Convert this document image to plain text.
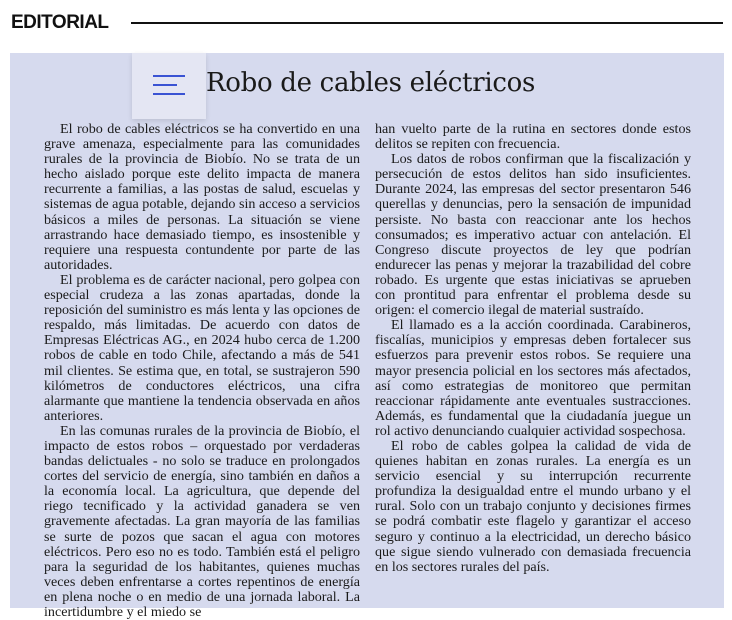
EDITORIAL
Robo de cables eléctricos

El robo de cables eléctricos se ha convertido en una grave amenaza, especialmente para las comunidades rurales de la provincia de Biobío. No se trata de un hecho aislado porque este delito impacta de manera recurrente a familias, a las postas de salud, escuelas y sistemas de agua potable, dejando sin acceso a servicios básicos a miles de personas. La situación se viene arrastrando hace demasiado tiempo, es insostenible y requiere una respuesta contundente por parte de las autoridades.

El problema es de carácter nacional, pero golpea con especial crudeza a las zonas apartadas, donde la reposición del suministro es más lenta y las opciones de respaldo, más limitadas. De acuerdo con datos de Empresas Eléctricas AG., en 2024 hubo cerca de 1.200 robos de cable en todo Chile, afectando a más de 541 mil clientes. Se estima que, en total, se sustrajeron 590 kilómetros de conductores eléctricos, una cifra alarmante que mantiene la tendencia observada en años anteriores.

En las comunas rurales de la provincia de Biobío, el impacto de estos robos – orquestado por verdaderas bandas delictuales - no solo se traduce en prolongados cortes del servicio de energía, sino también en daños a la economía local. La agricultura, que depende del riego tecnificado y la actividad ganadera se ven gravemente afectadas. La gran mayoría de las familias se surte de pozos que sacan el agua con motores eléctricos. Pero eso no es todo. También está el peligro para la seguridad de los habitantes, quienes muchas veces deben enfrentarse a cortes repentinos de energía en plena noche o en medio de una jornada laboral. La incertidumbre y el miedo se

han vuelto parte de la rutina en sectores donde estos delitos se repiten con frecuencia.

Los datos de robos confirman que la fiscalización y persecución de estos delitos han sido insuficientes. Durante 2024, las empresas del sector presentaron 546 querellas y denuncias, pero la sensación de impunidad persiste. No basta con reaccionar ante los hechos consumados; es imperativo actuar con antelación. El Congreso discute proyectos de ley que podrían endurecer las penas y mejorar la trazabilidad del cobre robado. Es urgente que estas iniciativas se aprueben con prontitud para enfrentar el problema desde su origen: el comercio ilegal de material sustraído.

El llamado es a la acción coordinada. Carabineros, fiscalías, municipios y empresas deben fortalecer sus esfuerzos para prevenir estos robos. Se requiere una mayor presencia policial en los sectores más afectados, así como estrategias de monitoreo que permitan reaccionar rápidamente ante eventuales sustracciones. Además, es fundamental que la ciudadanía juegue un rol activo denunciando cualquier actividad sospechosa.

El robo de cables golpea la calidad de vida de quienes habitan en zonas rurales. La energía es un servicio esencial y su interrupción recurrente profundiza la desigualdad entre el mundo urbano y el rural. Solo con un trabajo conjunto y decisiones firmes se podrá combatir este flagelo y garantizar el acceso seguro y continuo a la electricidad, un derecho básico que sigue siendo vulnerado con demasiada frecuencia en los sectores rurales del país.
